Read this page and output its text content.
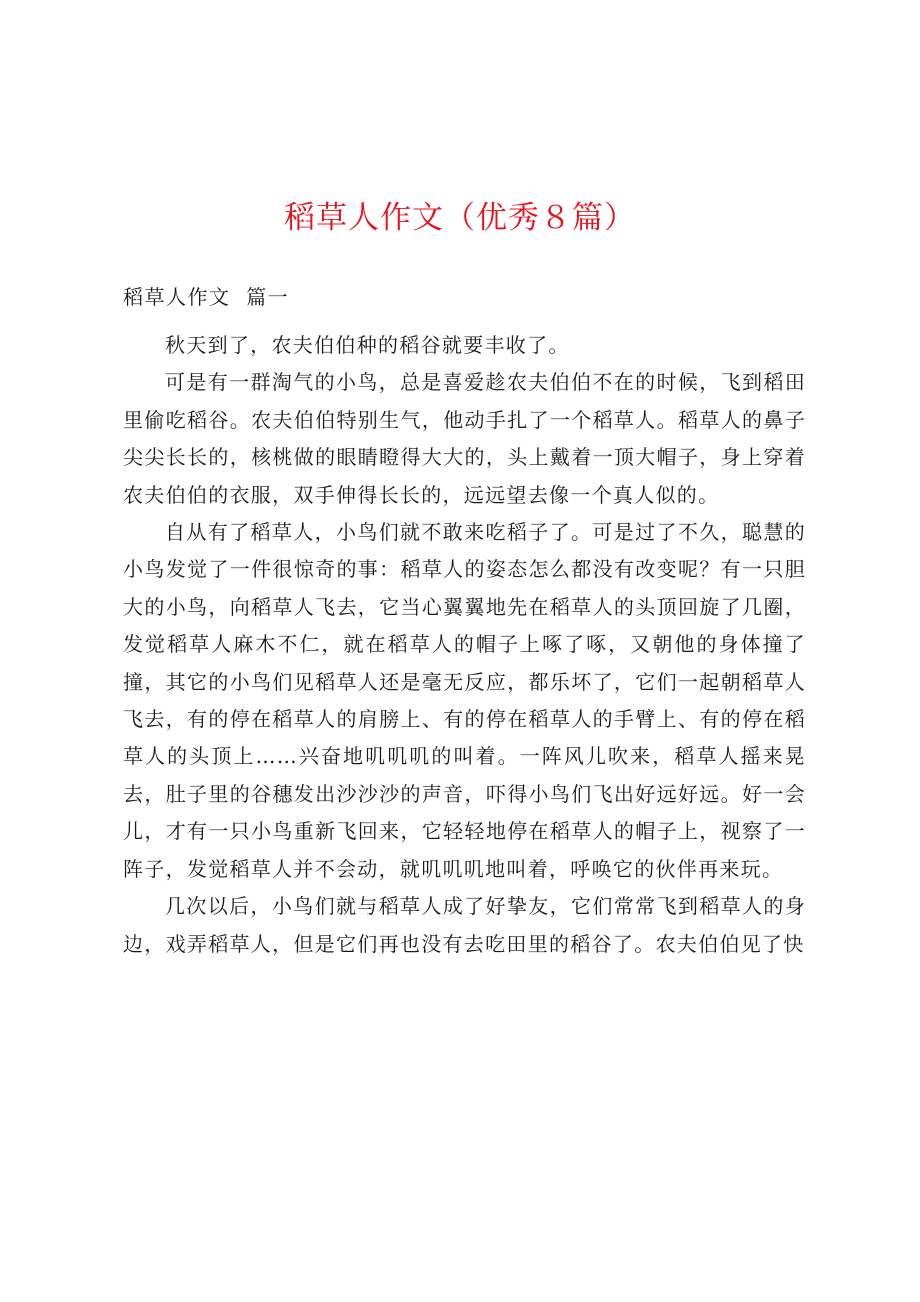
稻草人作文（优秀８篇）
稻草人作文  篇一

秋天到了，农夫伯伯种的稻谷就要丰收了。

可是有一群淘气的小鸟，总是喜爱趁农夫伯伯不在的时候，飞到稻田里偷吃稻谷。农夫伯伯特别生气，他动手扎了一个稻草人。稻草人的鼻子尖尖长长的，核桃做的眼睛瞪得大大的，头上戴着一顶大帽子，身上穿着农夫伯伯的衣服，双手伸得长长的，远远望去像一个真人似的。

自从有了稻草人，小鸟们就不敢来吃稻子了。可是过了不久，聪慧的小鸟发觉了一件很惊奇的事：稻草人的姿态怎么都没有改变呢？有一只胆大的小鸟，向稻草人飞去，它当心翼翼地先在稻草人的头顶回旋了几圈，发觉稻草人麻木不仁，就在稻草人的帽子上啄了啄，又朝他的身体撞了撞，其它的小鸟们见稻草人还是毫无反应，都乐坏了，它们一起朝稻草人飞去，有的停在稻草人的肩膀上、有的停在稻草人的手臂上、有的停在稻草人的头顶上……兴奋地叽叽叽的叫着。一阵风儿吹来，稻草人摇来晃去，肚子里的谷穗发出沙沙沙的声音，吓得小鸟们飞出好远好远。好一会儿，才有一只小鸟重新飞回来，它轻轻地停在稻草人的帽子上，视察了一阵子，发觉稻草人并不会动，就叽叽叽地叫着，呼唤它的伙伴再来玩。

几次以后，小鸟们就与稻草人成了好挚友，它们常常飞到稻草人的身边，戏弄稻草人，但是它们再也没有去吃田里的稻谷了。农夫伯伯见了快
